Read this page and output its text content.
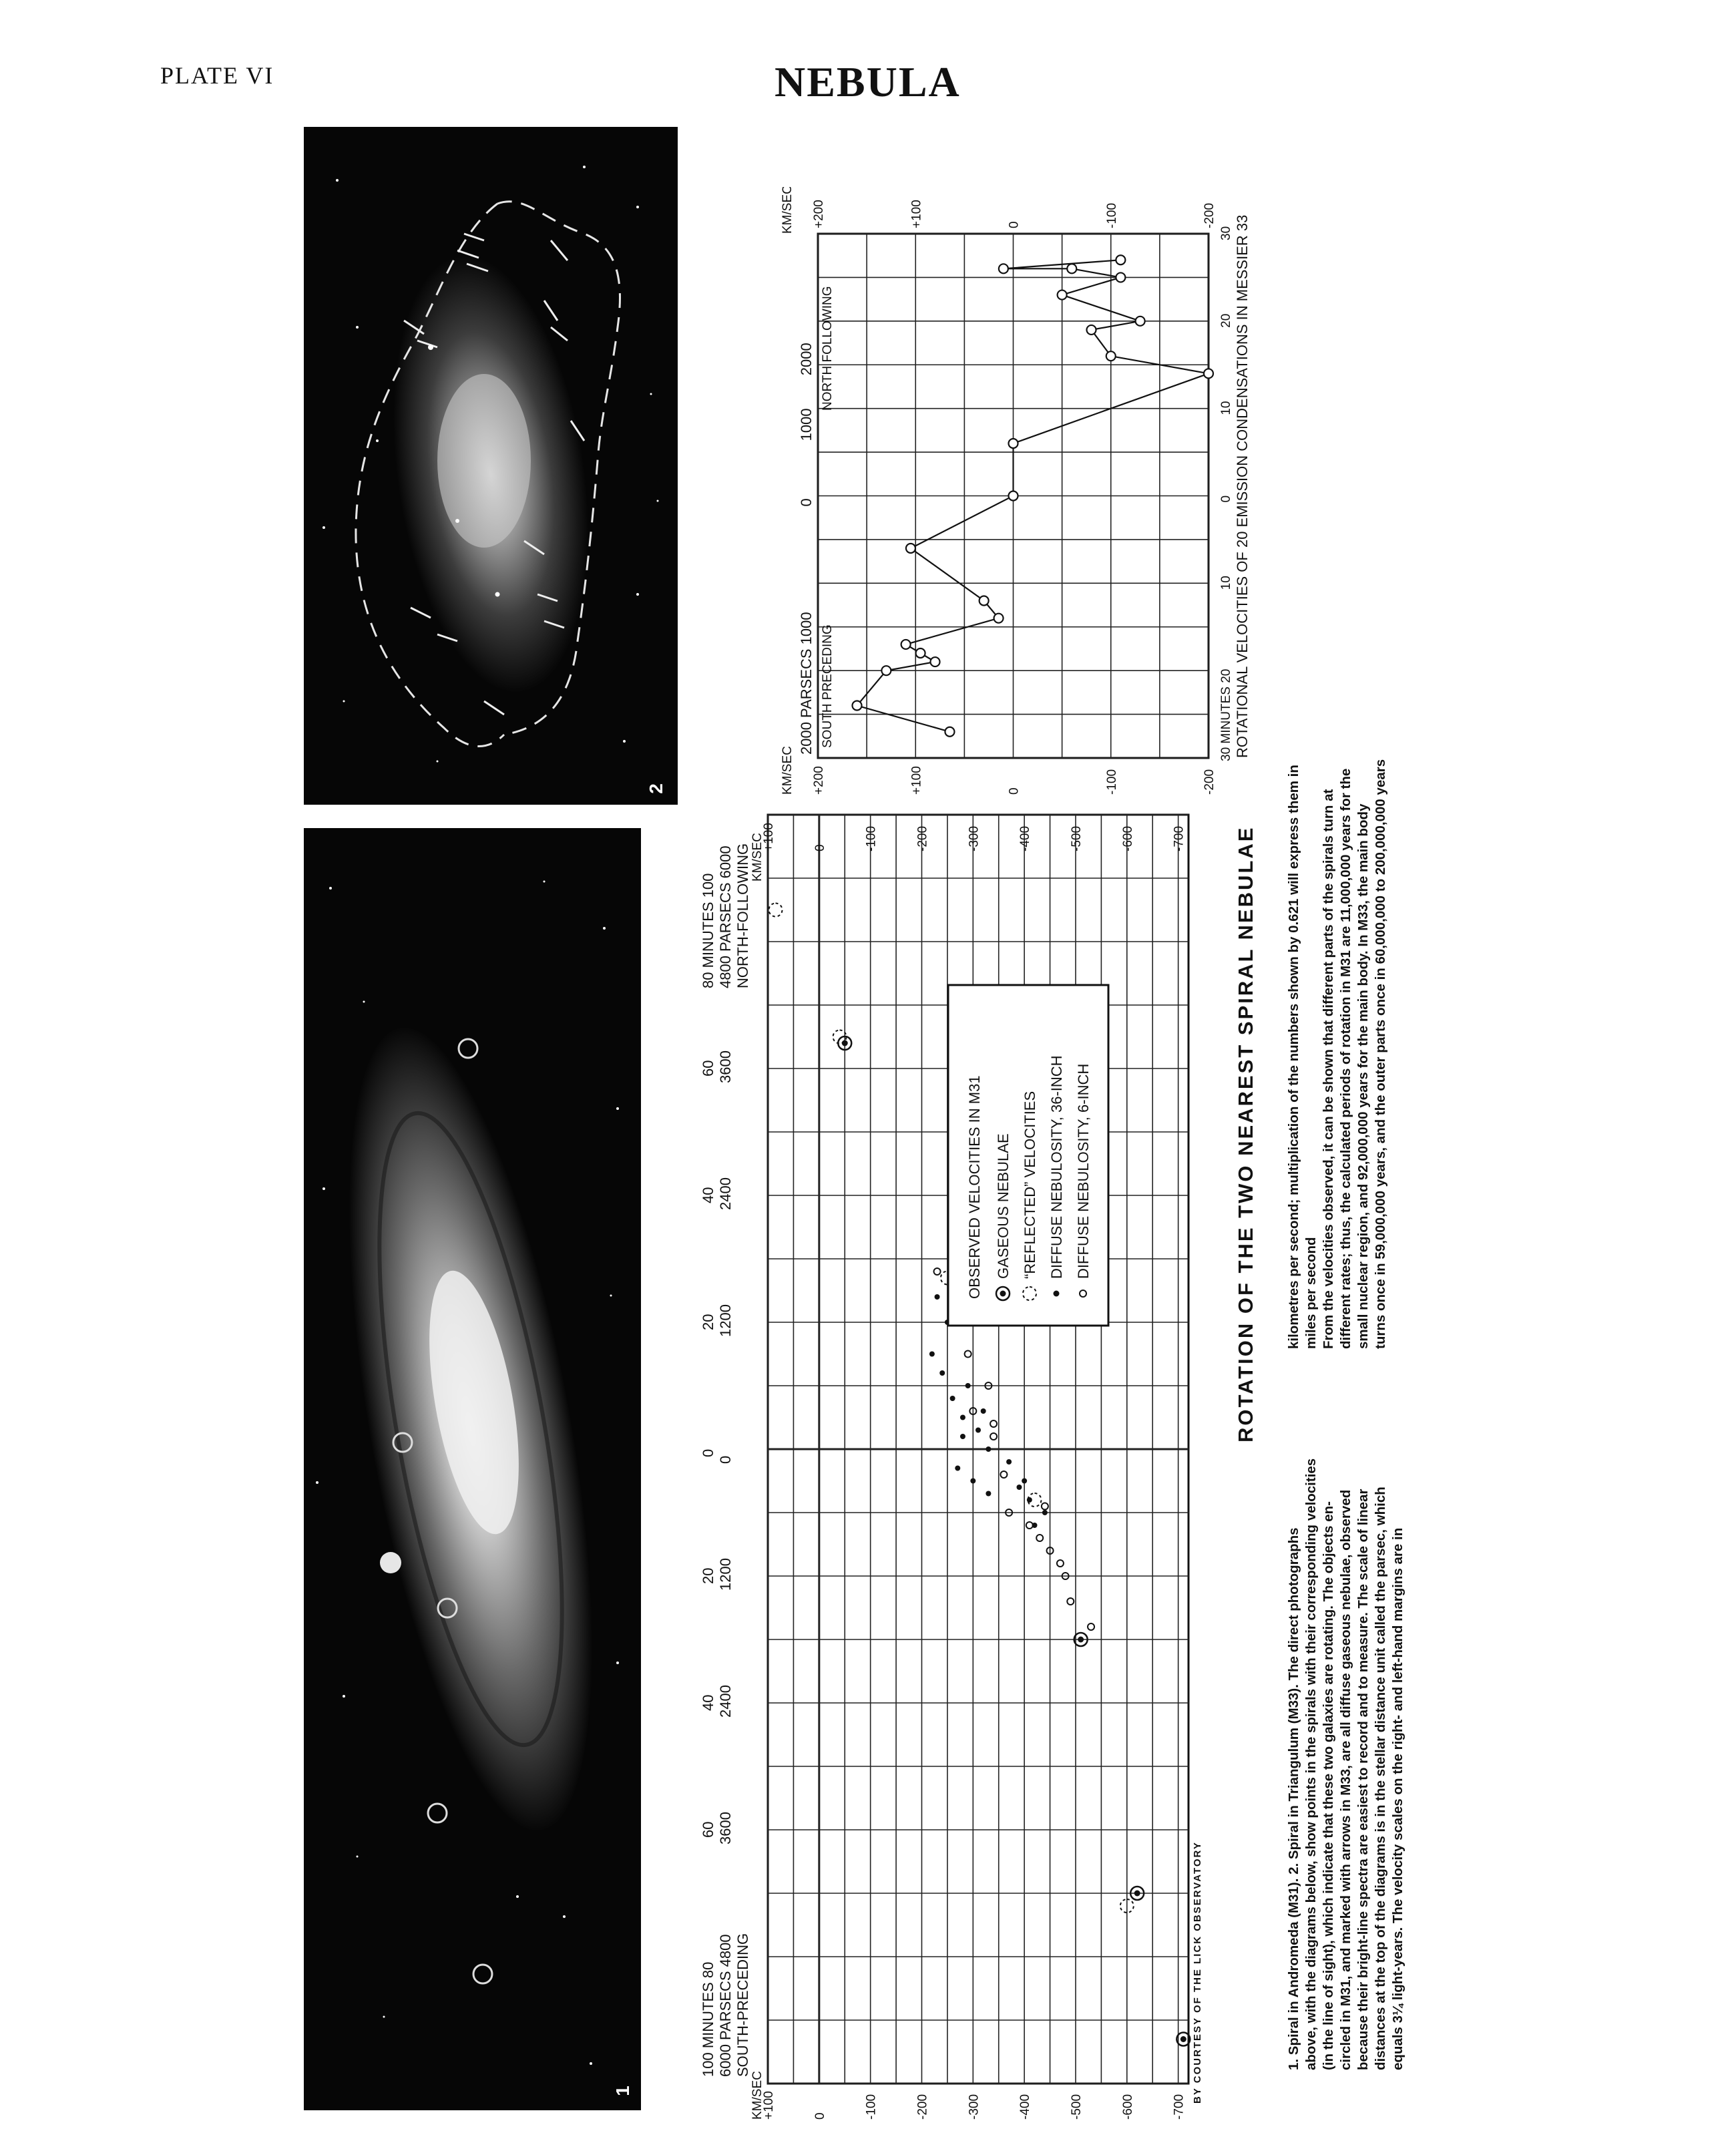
PLATE VI	NEBULA
2
1
+200
+200
+100
+100
0
0
-100
-100
-200
-200
10
0
10
20
30
0
1000
2000
KM/SEC
KM/SEC
2000 PARSECS 1000 SOUTH PRECEDING
NORTH FOLLOWING
30 MINUTES 20 ROTATIONAL VELOCITIES OF 20 EMISSION CONDENSATIONS IN MESSIER 33
+100
+100
0
0
-100
-100
-200
-200
-300
-300
-400
-400
-500
-500
-600
-600
-700
-700
60 3600
40 2400
20 1200
0
0
20 1200
40 2400
60 3600
KM/SEC
KM/SEC
100 MINUTES 80 6000 PARSECS 4800 SOUTH-PRECEDING
80 MINUTES 100 4800 PARSECS 6000 NORTH-FOLLOWING
OBSERVED VELOCITIES IN M31 GASEOUS NEBULAE “REFLECTED” VELOCITIES DIFFUSE NEBULOSITY, 36-INCH DIFFUSE NEBULOSITY, 6-INCH
BY COURTESY OF THE LICK OBSERVATORY
ROTATION OF THE TWO NEAREST SPIRAL NEBULAE
1. Spiral in Andromeda (M31). 2. Spiral in Triangulum (M33). The direct photographs above, with the diagrams below, show points in the spirals with their corresponding velocities (in the line of sight), which indicate that these two galaxies are rotating. The objects en- circled in M31, and marked with arrows in M33, are all diffuse gaseous nebulae, observed because their bright-line spectra are easiest to record and to measure. The scale of linear distances at the top of the diagrams is in the stellar distance unit called the parsec, which equals 3¼ light-years. The velocity scales on the right- and left-hand margins are in
kilometres per second; multiplication of the numbers shown by 0.621 will express them in miles per second From the velocities observed, it can be shown that different parts of the spirals turn at different rates; thus, the calculated periods of rotation in M31 are 11,000,000 years for the small nuclear region, and 92,000,000 years for the main body. In M33, the main body turns once in 59,000,000 years, and the outer parts once in 60,000,000 to 200,000,000 years
